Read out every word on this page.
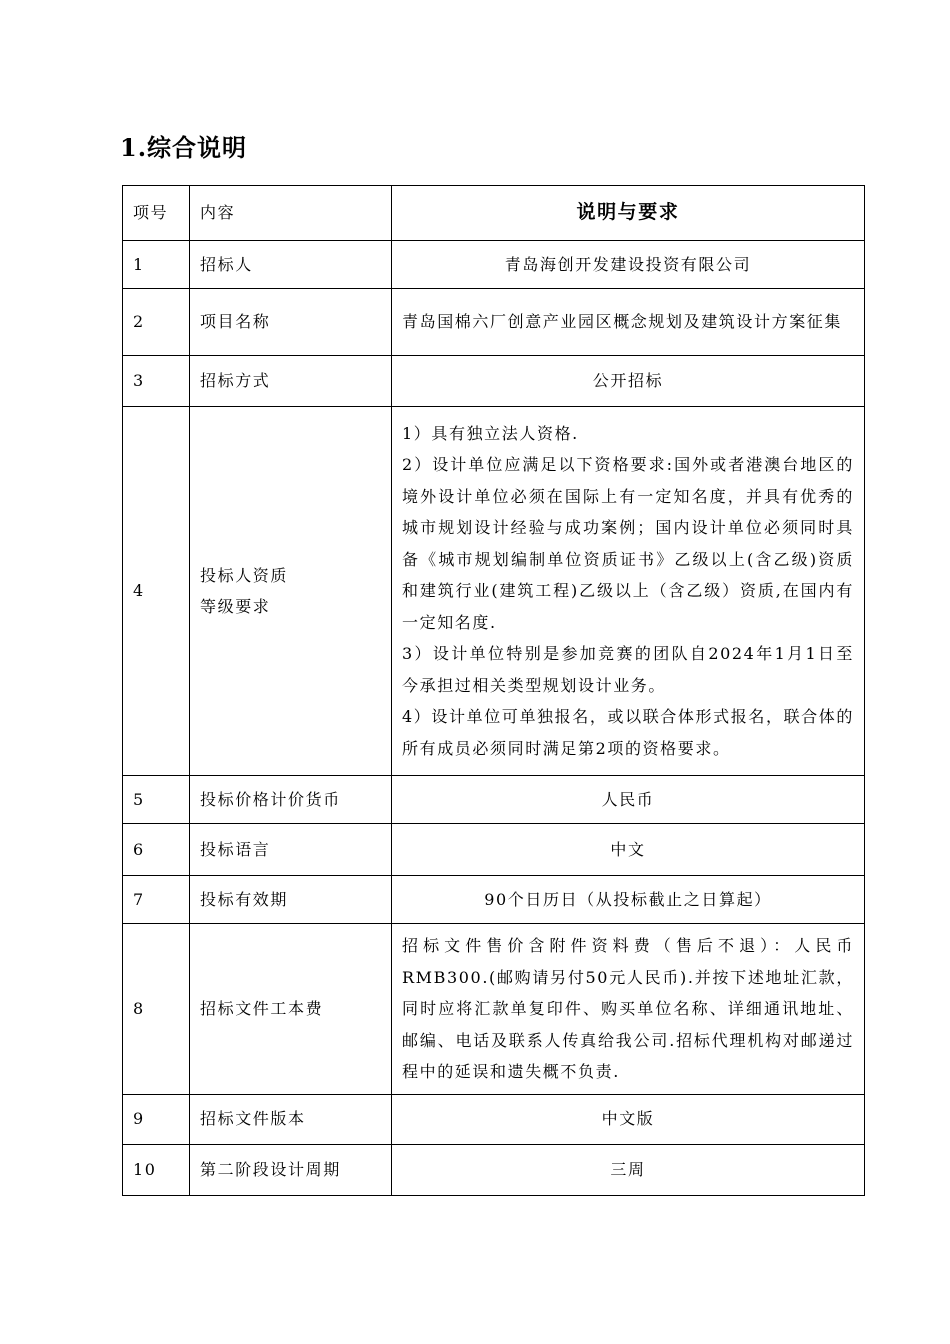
1.综合说明
项号	内容	说明与要求
1	招标人	青岛海创开发建设投资有限公司
2	项目名称	青岛国棉六厂创意产业园区概念规划及建筑设计方案征集
3	招标方式	公开招标
4	投标人资质
等级要求	1）具有独立法人资格.
2）设计单位应满足以下资格要求:国外或者港澳台地区的境外设计单位必须在国际上有一定知名度，并具有优秀的城市规划设计经验与成功案例；国内设计单位必须同时具备《城市规划编制单位资质证书》乙级以上(含乙级)资质和建筑行业(建筑工程)乙级以上（含乙级）资质,在国内有一定知名度.
3）设计单位特别是参加竞赛的团队自2024年1月1日至今承担过相关类型规划设计业务。
4）设计单位可单独报名，或以联合体形式报名，联合体的所有成员必须同时满足第2项的资格要求。

5	投标价格计价货币	人民币
6	投标语言	中文
7	投标有效期	90个日历日（从投标截止之日算起）
8	招标文件工本费	招标文件售价含附件资料费（售后不退）：人民币RMB300.(邮购请另付50元人民币).并按下述地址汇款，同时应将汇款单复印件、购买单位名称、详细通讯地址、邮编、电话及联系人传真给我公司.招标代理机构对邮递过程中的延误和遗失概不负责.
9	招标文件版本	中文版
10	第二阶段设计周期	三周
